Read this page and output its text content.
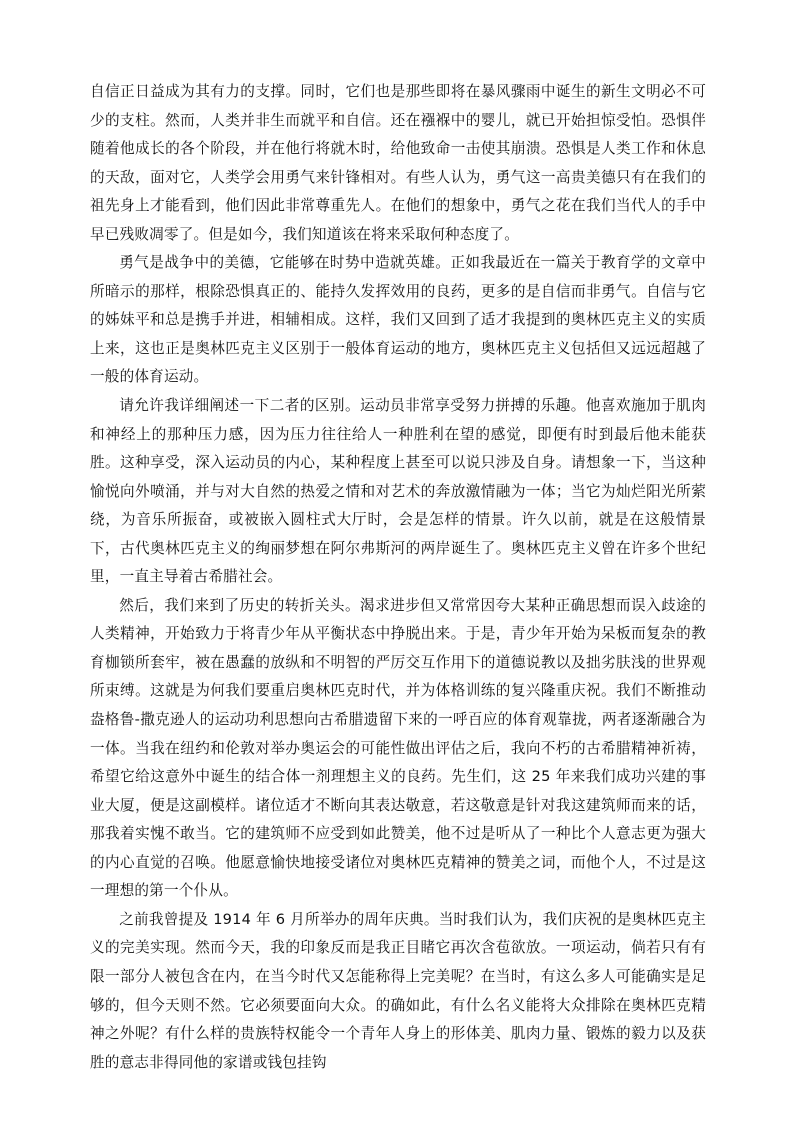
自信正日益成为其有力的支撑。同时，它们也是那些即将在暴风骤雨中诞生的新生文明必不可少的支柱。然而，人类并非生而就平和自信。还在襁褓中的婴儿，就已开始担惊受怕。恐惧伴随着他成长的各个阶段，并在他行将就木时，给他致命一击使其崩溃。恐惧是人类工作和休息的天敌，面对它，人类学会用勇气来针锋相对。有些人认为，勇气这一高贵美德只有在我们的祖先身上才能看到，他们因此非常尊重先人。在他们的想象中，勇气之花在我们当代人的手中早已残败凋零了。但是如今，我们知道该在将来采取何种态度了。

勇气是战争中的美德，它能够在时势中造就英雄。正如我最近在一篇关于教育学的文章中所暗示的那样，根除恐惧真正的、能持久发挥效用的良药，更多的是自信而非勇气。自信与它的姊妹平和总是携手并进，相辅相成。这样，我们又回到了适才我提到的奥林匹克主义的实质上来，这也正是奥林匹克主义区别于一般体育运动的地方，奥林匹克主义包括但又远远超越了一般的体育运动。

请允许我详细阐述一下二者的区别。运动员非常享受努力拼搏的乐趣。他喜欢施加于肌肉和神经上的那种压力感，因为压力往往给人一种胜利在望的感觉，即便有时到最后他未能获胜。这种享受，深入运动员的内心，某种程度上甚至可以说只涉及自身。请想象一下，当这种愉悦向外喷涌，并与对大自然的热爱之情和对艺术的奔放激情融为一体；当它为灿烂阳光所萦绕，为音乐所振奋，或被嵌入圆柱式大厅时，会是怎样的情景。许久以前，就是在这般情景下，古代奥林匹克主义的绚丽梦想在阿尔弗斯河的两岸诞生了。奥林匹克主义曾在许多个世纪里，一直主导着古希腊社会。

然后，我们来到了历史的转折关头。渴求进步但又常常因夸大某种正确思想而误入歧途的人类精神，开始致力于将青少年从平衡状态中挣脱出来。于是，青少年开始为呆板而复杂的教育枷锁所套牢，被在愚蠢的放纵和不明智的严厉交互作用下的道德说教以及拙劣肤浅的世界观所束缚。这就是为何我们要重启奥林匹克时代，并为体格训练的复兴隆重庆祝。我们不断推动盎格鲁-撒克逊人的运动功利思想向古希腊遗留下来的一呼百应的体育观靠拢，两者逐渐融合为一体。当我在纽约和伦敦对举办奥运会的可能性做出评估之后，我向不朽的古希腊精神祈祷，希望它给这意外中诞生的结合体一剂理想主义的良药。先生们，这 25 年来我们成功兴建的事业大厦，便是这副模样。诸位适才不断向其表达敬意，若这敬意是针对我这建筑师而来的话，那我着实愧不敢当。它的建筑师不应受到如此赞美，他不过是听从了一种比个人意志更为强大的内心直觉的召唤。他愿意愉快地接受诸位对奥林匹克精神的赞美之词，而他个人，不过是这一理想的第一个仆从。

之前我曾提及 1914 年 6 月所举办的周年庆典。当时我们认为，我们庆祝的是奥林匹克主义的完美实现。然而今天，我的印象反而是我正目睹它再次含苞欲放。一项运动，倘若只有有限一部分人被包含在内，在当今时代又怎能称得上完美呢？在当时，有这么多人可能确实是足够的，但今天则不然。它必须要面向大众。的确如此，有什么名义能将大众排除在奥林匹克精神之外呢？有什么样的贵族特权能令一个青年人身上的形体美、肌肉力量、锻炼的毅力以及获胜的意志非得同他的家谱或钱包挂钩
